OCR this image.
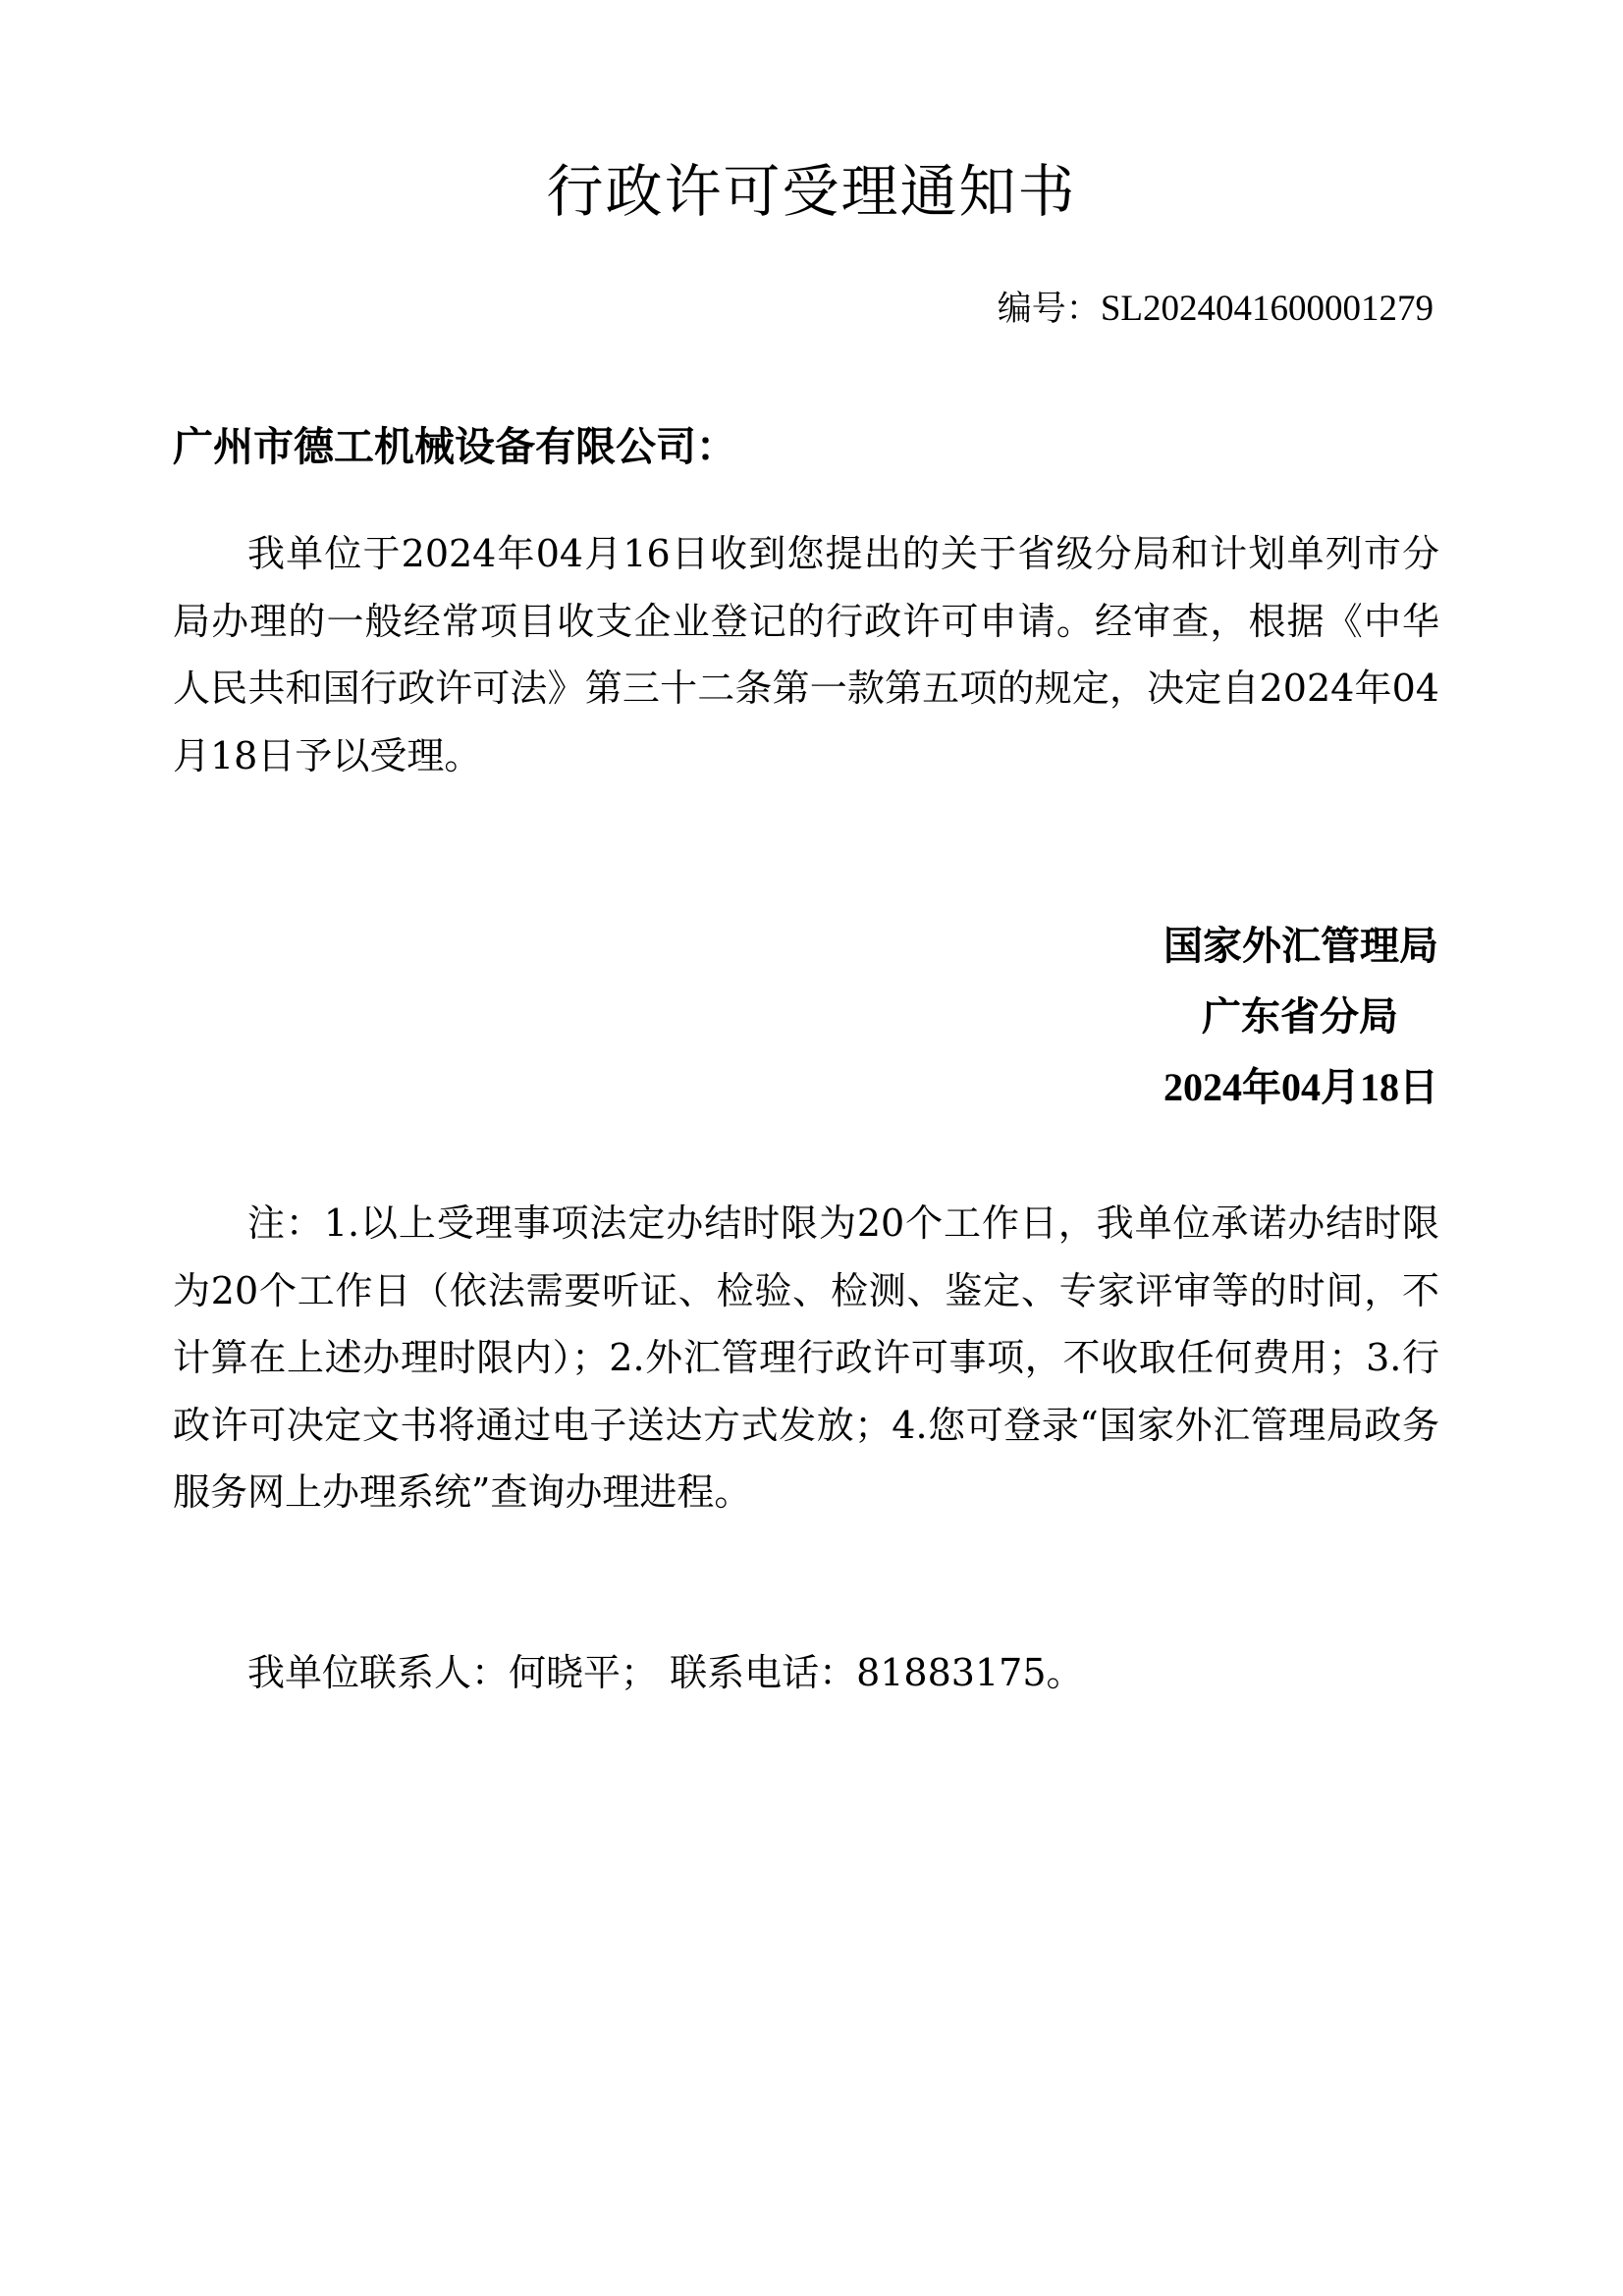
行政许可受理通知书
编号：SL2024041600001279
广州市德工机械设备有限公司：

我单位于2024年04月16日收到您提出的关于省级分局和计划单列市分局办理的一般经常项目收支企业登记的行政许可申请。经审查，根据《中华人民共和国行政许可法》第三十二条第一款第五项的规定，决定自2024年04月18日予以受理。

国家外汇管理局
广东省分局
2024年04月18日

注：1.以上受理事项法定办结时限为20个工作日，我单位承诺办结时限为20个工作日（依法需要听证、检验、检测、鉴定、专家评审等的时间，不计算在上述办理时限内）；2.外汇管理行政许可事项，不收取任何费用；3.行政许可决定文书将通过电子送达方式发放；4.您可登录“国家外汇管理局政务服务网上办理系统”查询办理进程。

我单位联系人：何晓平； 联系电话：81883175。
